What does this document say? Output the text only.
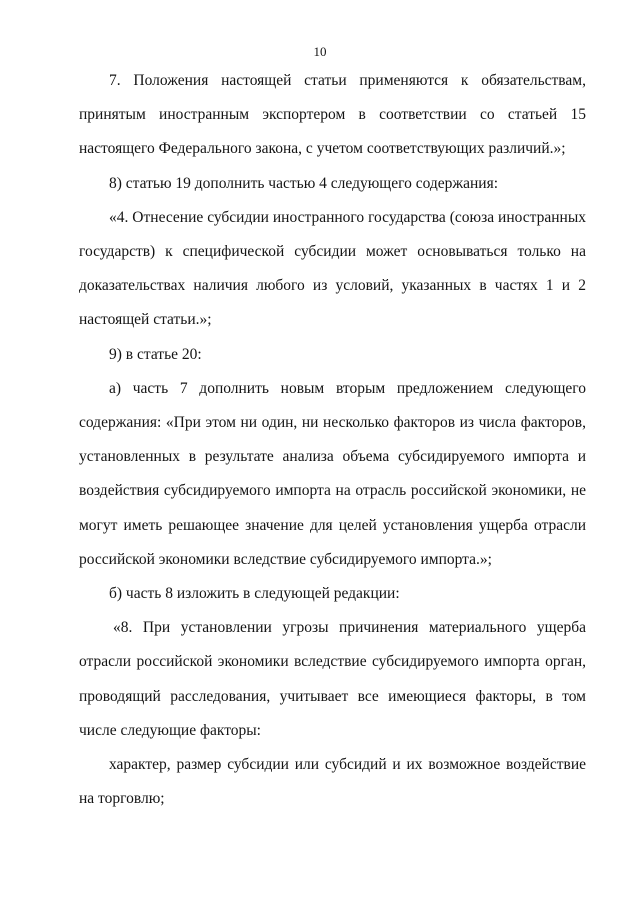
10

7. Положения настоящей статьи применяются к обязательствам, принятым иностранным экспортером в соответствии со статьей 15 настоящего Федерального закона, с учетом соответствующих различий.»;

8) статью 19 дополнить частью 4 следующего содержания:

«4. Отнесение субсидии иностранного государства (союза иностранных государств) к специфической субсидии может основываться только на доказательствах наличия любого из условий, указанных в частях 1 и 2 настоящей статьи.»;

9) в статье 20:

а) часть 7 дополнить новым вторым предложением следующего содержания: «При этом ни один, ни несколько факторов из числа факторов, установленных в результате анализа объема субсидируемого импорта и воздействия субсидируемого импорта на отрасль российской экономики, не могут иметь решающее значение для целей установления ущерба отрасли российской экономики вследствие субсидируемого импорта.»;

б) часть 8 изложить в следующей редакции:

«8. При установлении угрозы причинения материального ущерба отрасли российской экономики вследствие субсидируемого импорта орган, проводящий расследования, учитывает все имеющиеся факторы, в том числе следующие факторы:

характер, размер субсидии или субсидий и их возможное воздействие на торговлю;
